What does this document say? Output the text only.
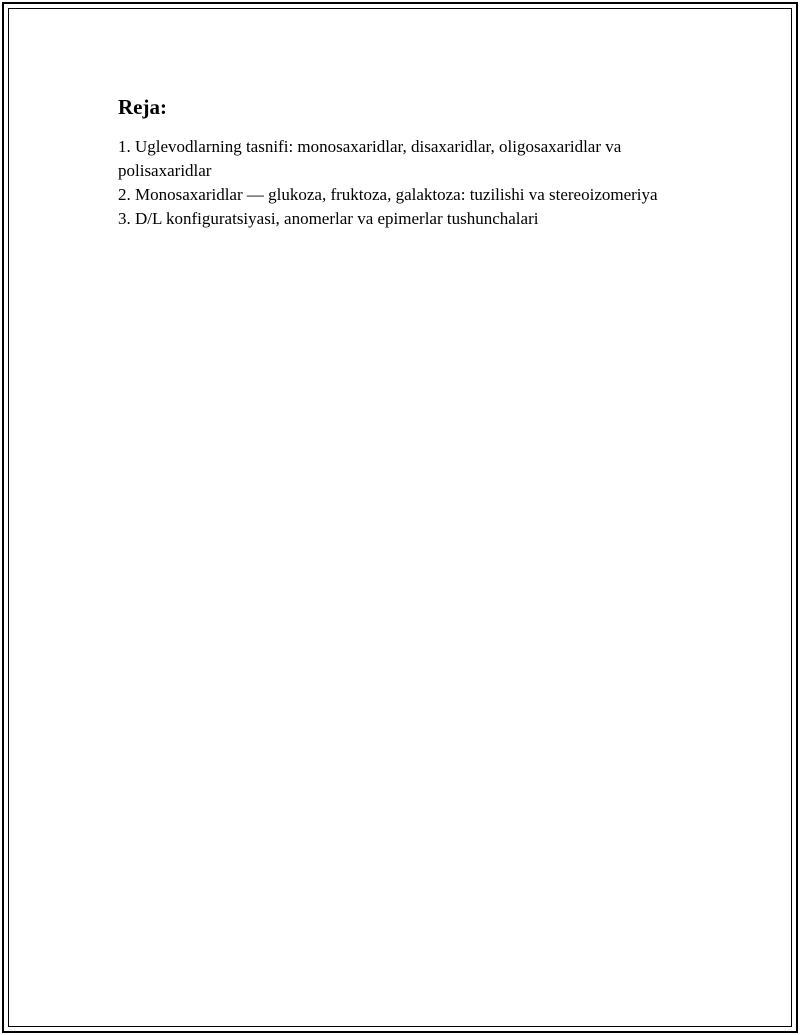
Reja:
1. Uglevodlarning tasnifi: monosaxaridlar, disaxaridlar, oligosaxaridlar va polisaxaridlar
2. Monosaxaridlar — glukoza, fruktoza, galaktoza: tuzilishi va stereoizomeriya
3. D/L konfiguratsiyasi, anomerlar va epimerlar tushunchalari
